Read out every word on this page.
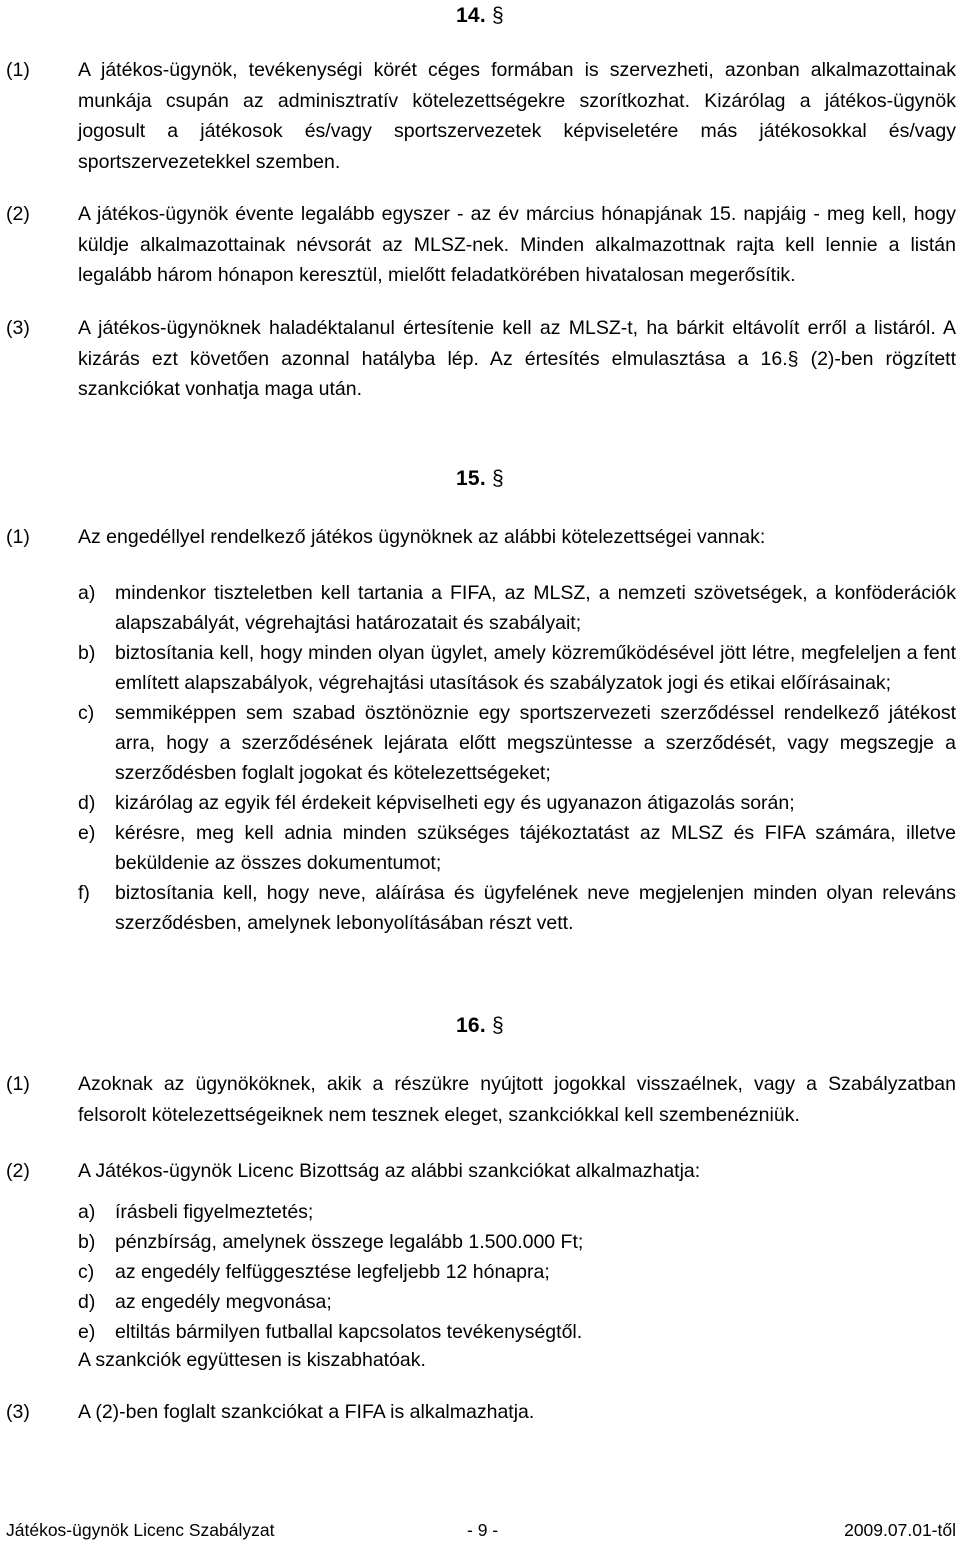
14. §
(1) A játékos-ügynök, tevékenységi körét céges formában is szervezheti, azonban alkalmazottainak munkája csupán az adminisztratív kötelezettségekre szorítkozhat. Kizárólag a játékos-ügynök jogosult a játékosok és/vagy sportszervezetek képviseletére más játékosokkal és/vagy sportszervezetekkel szemben.
(2) A játékos-ügynök évente legalább egyszer - az év március hónapjának 15. napjáig - meg kell, hogy küldje alkalmazottainak névsorát az MLSZ-nek. Minden alkalmazottnak rajta kell lennie a listán legalább három hónapon keresztül, mielőtt feladatkörében hivatalosan megerősítik.
(3) A játékos-ügynöknek haladéktalanul értesítenie kell az MLSZ-t, ha bárkit eltávolít erről a listáról. A kizárás ezt követően azonnal hatályba lép. Az értesítés elmulasztása a 16.§ (2)-ben rögzített szankciókat vonhatja maga után.
15. §
(1) Az engedéllyel rendelkező játékos ügynöknek az alábbi kötelezettségei vannak:
a) mindenkor tiszteletben kell tartania a FIFA, az MLSZ, a nemzeti szövetségek, a konföderációk alapszabályát, végrehajtási határozatait és szabályait;
b) biztosítania kell, hogy minden olyan ügylet, amely közreműködésével jött létre, megfeleljen a fent említett alapszabályok, végrehajtási utasítások és szabályzatok jogi és etikai előírásainak;
c) semmiképpen sem szabad ösztönöznie egy sportszervezeti szerződéssel rendelkező játékost arra, hogy a szerződésének lejárata előtt megszüntesse a szerződését, vagy megszegje a szerződésben foglalt jogokat és kötelezettségeket;
d) kizárólag az egyik fél érdekeit képviselheti egy és ugyanazon átigazolás során;
e) kérésre, meg kell adnia minden szükséges tájékoztatást az MLSZ és FIFA számára, illetve beküldenie az összes dokumentumot;
f) biztosítania kell, hogy neve, aláírása és ügyfelének neve megjelenjen minden olyan releváns szerződésben, amelynek lebonyolításában részt vett.
16. §
(1) Azoknak az ügynököknek, akik a részükre nyújtott jogokkal visszaélnek, vagy a Szabályzatban felsorolt kötelezettségeiknek nem tesznek eleget, szankciókkal kell szembenézniük.
(2) A Játékos-ügynök Licenc Bizottság az alábbi szankciókat alkalmazhatja:
a) írásbeli figyelmeztetés;
b) pénzbírság, amelynek összege legalább 1.500.000 Ft;
c) az engedély felfüggesztése legfeljebb 12 hónapra;
d) az engedély megvonása;
e) eltiltás bármilyen futballal kapcsolatos tevékenységtől.
A szankciók együttesen is kiszabhatóak.
(3) A (2)-ben foglalt szankciókat a FIFA is alkalmazhatja.
Játékos-ügynök Licenc Szabályzat	- 9 -	2009.07.01-től
